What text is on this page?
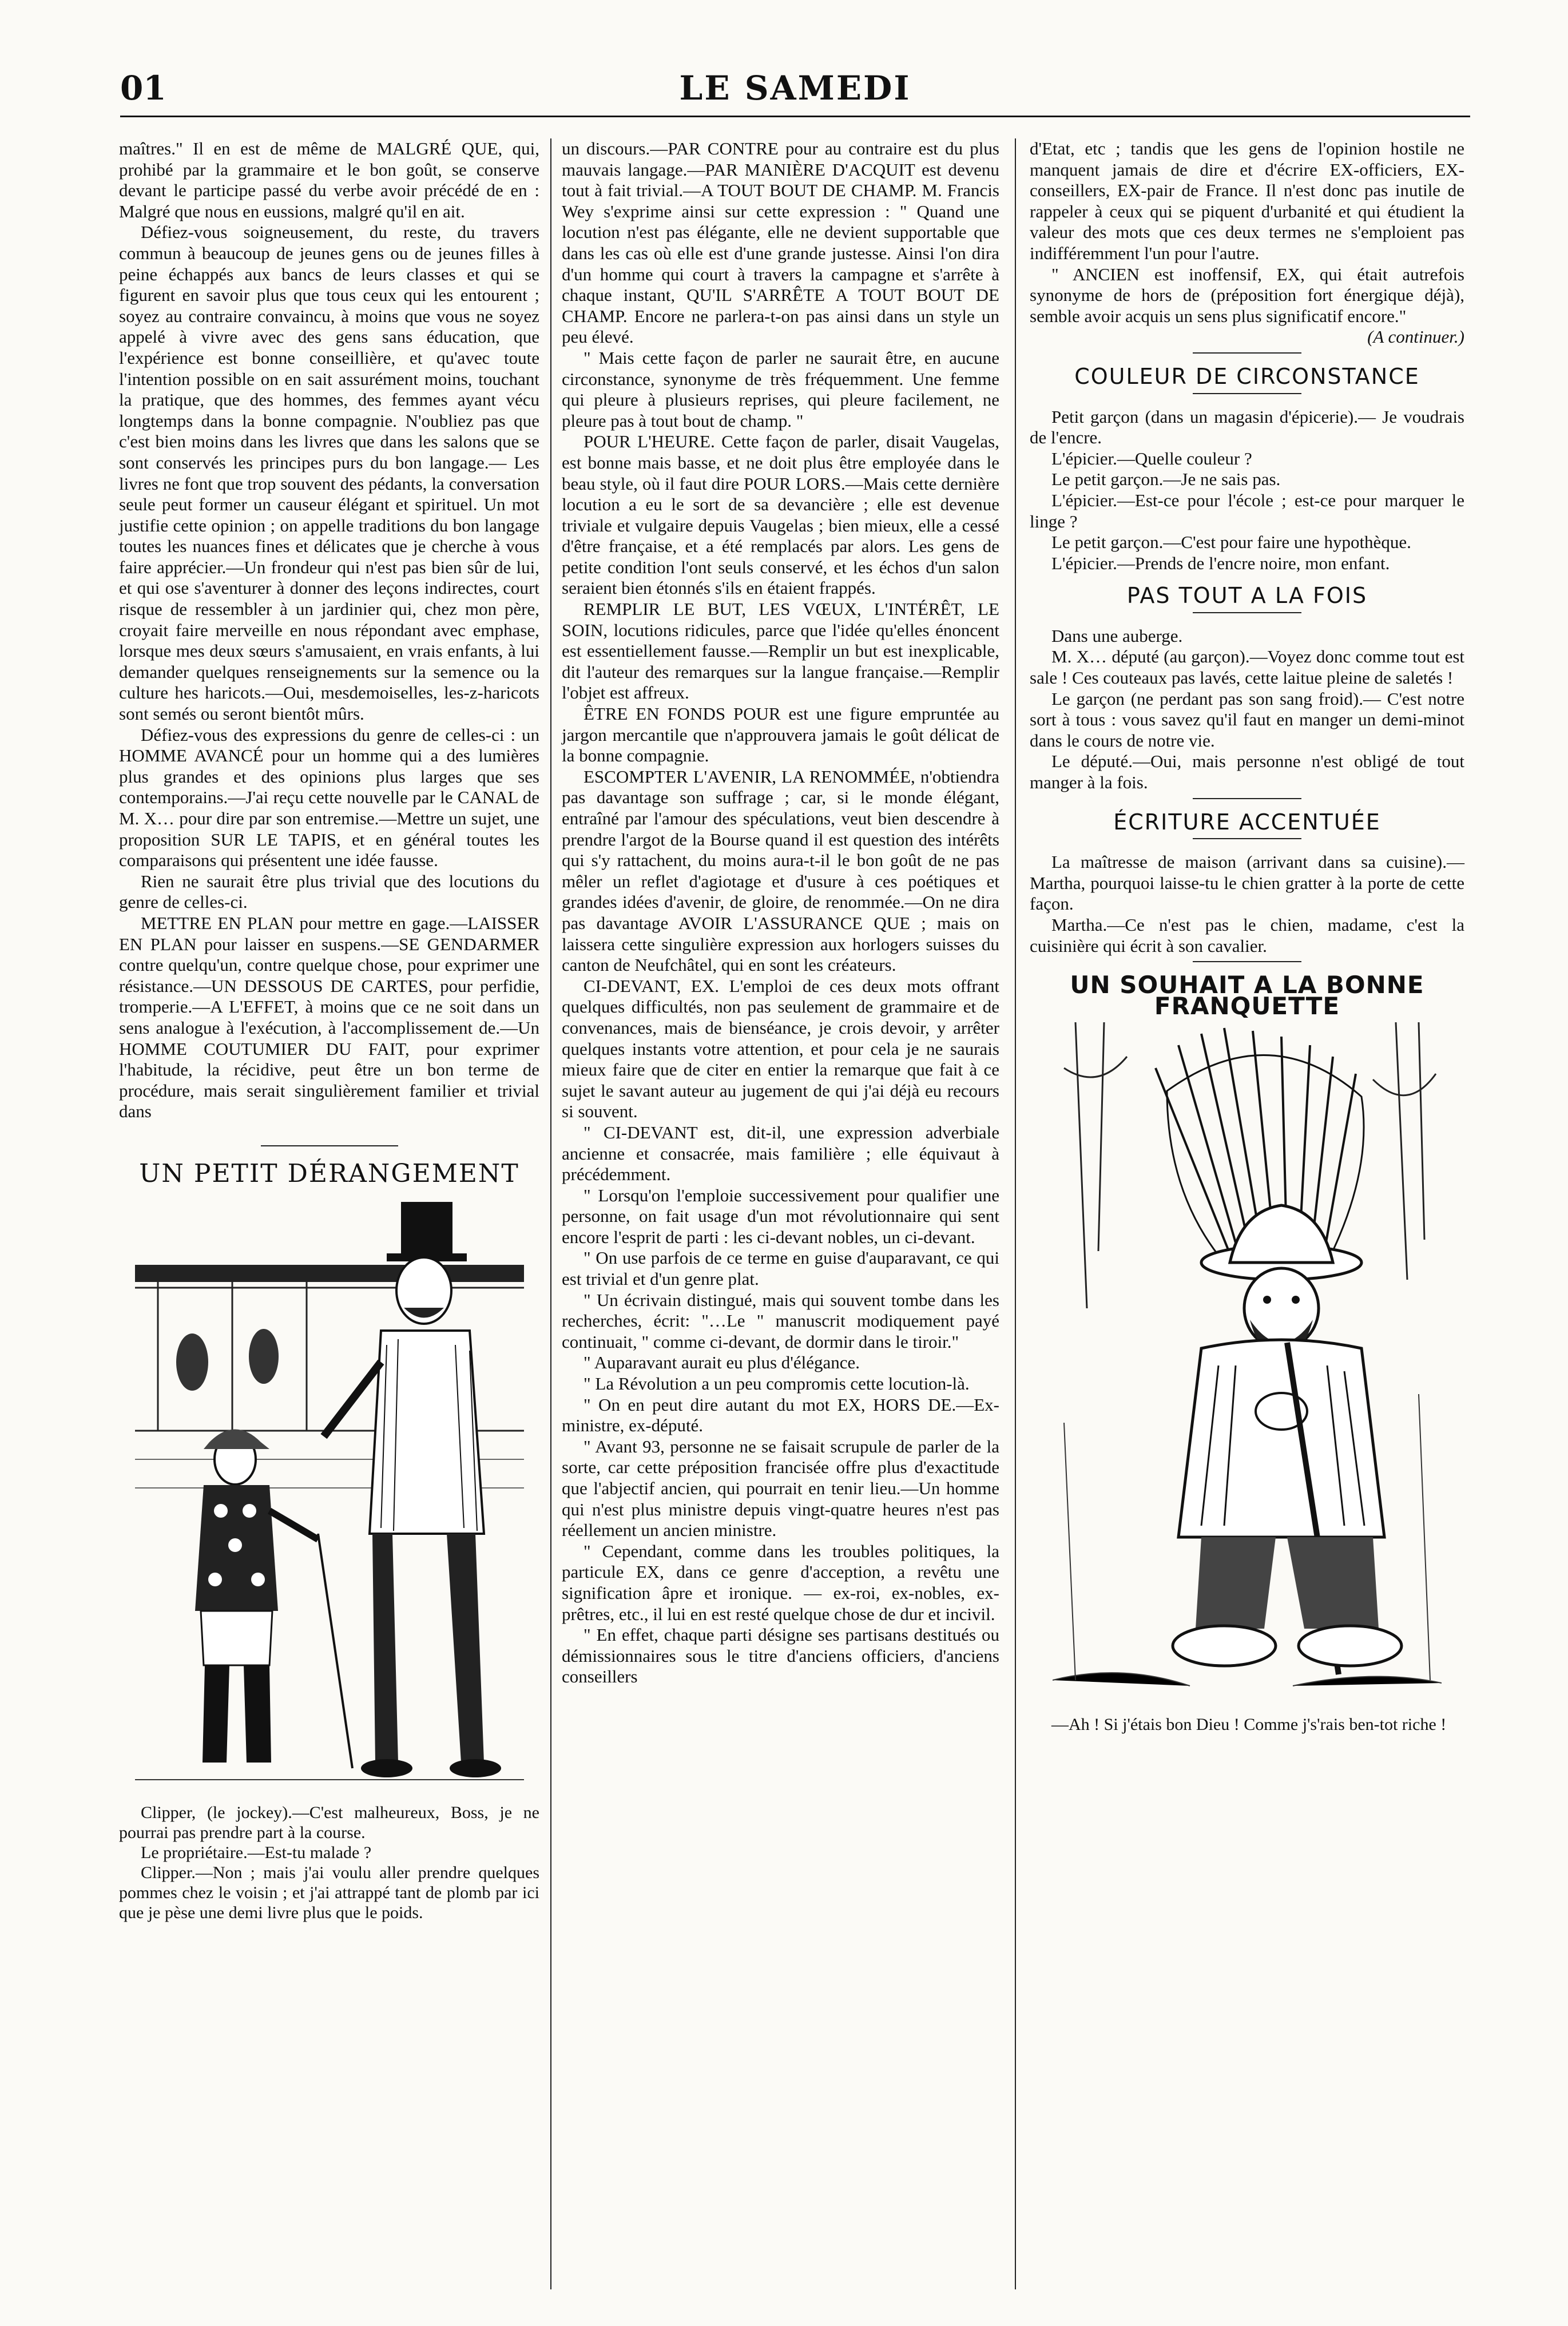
01	LE SAMEDI

maîtres." Il en est de même de MALGRÉ QUE, qui, prohibé par la grammaire et le bon goût, se conserve devant le participe passé du verbe avoir précédé de en : Malgré que nous en eussions, malgré qu'il en ait.

Défiez-vous soigneusement, du reste, du travers commun à beaucoup de jeunes gens ou de jeunes filles à peine échappés aux bancs de leurs classes et qui se figurent en savoir plus que tous ceux qui les entourent ; soyez au contraire convaincu, à moins que vous ne soyez appelé à vivre avec des gens sans éducation, que l'expérience est bonne conseillière, et qu'avec toute l'intention possible on en sait assurément moins, touchant la pratique, que des hommes, des femmes ayant vécu longtemps dans la bonne compagnie. N'oubliez pas que c'est bien moins dans les livres que dans les salons que se sont conservés les principes purs du bon langage.— Les livres ne font que trop souvent des pédants, la conversation seule peut former un causeur élégant et spirituel. Un mot justifie cette opinion ; on appelle traditions du bon langage toutes les nuances fines et délicates que je cherche à vous faire apprécier.—Un frondeur qui n'est pas bien sûr de lui, et qui ose s'aventurer à donner des leçons indirectes, court risque de ressembler à un jardinier qui, chez mon père, croyait faire merveille en nous répondant avec emphase, lorsque mes deux sœurs s'amusaient, en vrais enfants, à lui demander quelques renseignements sur la semence ou la culture hes haricots.—Oui, mesdemoiselles, les-z-haricots sont semés ou seront bientôt mûrs.

Défiez-vous des expressions du genre de celles-ci : un HOMME AVANCÉ pour un homme qui a des lumières plus grandes et des opinions plus larges que ses contemporains.—J'ai reçu cette nouvelle par le CANAL de M. X… pour dire par son entremise.—Mettre un sujet, une proposition SUR LE TAPIS, et en général toutes les comparaisons qui présentent une idée fausse.

Rien ne saurait être plus trivial que des locutions du genre de celles-ci.

METTRE EN PLAN pour mettre en gage.—LAISSER EN PLAN pour laisser en suspens.—SE GENDARMER contre quelqu'un, contre quelque chose, pour exprimer une résistance.—UN DESSOUS DE CARTES, pour perfidie, tromperie.—A L'EFFET, à moins que ce ne soit dans un sens analogue à l'exécution, à l'accomplissement de.—Un HOMME COUTUMIER DU FAIT, pour exprimer l'habitude, la récidive, peut être un bon terme de procédure, mais serait singulièrement familier et trivial dans

UN PETIT DÉRANGEMENT

Clipper, (le jockey).—C'est malheureux, Boss, je ne pourrai pas prendre part à la course.

Le propriétaire.—Est-tu malade ?

Clipper.—Non ; mais j'ai voulu aller prendre quelques pommes chez le voisin ; et j'ai attrappé tant de plomb par ici que je pèse une demi livre plus que le poids.

un discours.—PAR CONTRE pour au contraire est du plus mauvais langage.—PAR MANIÈRE D'ACQUIT est devenu tout à fait trivial.—A TOUT BOUT DE CHAMP. M. Francis Wey s'exprime ainsi sur cette expression : " Quand une locution n'est pas élégante, elle ne devient supportable que dans les cas où elle est d'une grande justesse. Ainsi l'on dira d'un homme qui court à travers la campagne et s'arrête à chaque instant, QU'IL S'ARRÊTE A TOUT BOUT DE CHAMP. Encore ne parlera-t-on pas ainsi dans un style un peu élevé.

" Mais cette façon de parler ne saurait être, en aucune circonstance, synonyme de très fréquemment. Une femme qui pleure à plusieurs reprises, qui pleure facilement, ne pleure pas à tout bout de champ. "

POUR L'HEURE. Cette façon de parler, disait Vaugelas, est bonne mais basse, et ne doit plus être employée dans le beau style, où il faut dire POUR LORS.—Mais cette dernière locution a eu le sort de sa devancière ; elle est devenue triviale et vulgaire depuis Vaugelas ; bien mieux, elle a cessé d'être française, et a été remplacés par alors. Les gens de petite condition l'ont seuls conservé, et les échos d'un salon seraient bien étonnés s'ils en étaient frappés.

REMPLIR LE BUT, LES VŒUX, L'INTÉRÊT, LE SOIN, locutions ridicules, parce que l'idée qu'elles énoncent est essentiellement fausse.—Remplir un but est inexplicable, dit l'auteur des remarques sur la langue française.—Remplir l'objet est affreux.

ÊTRE EN FONDS POUR est une figure empruntée au jargon mercantile que n'approuvera jamais le goût délicat de la bonne compagnie.

ESCOMPTER L'AVENIR, LA RENOMMÉE, n'obtiendra pas davantage son suffrage ; car, si le monde élégant, entraîné par l'amour des spéculations, veut bien descendre à prendre l'argot de la Bourse quand il est question des intérêts qui s'y rattachent, du moins aura-t-il le bon goût de ne pas mêler un reflet d'agiotage et d'usure à ces poétiques et grandes idées d'avenir, de gloire, de renommée.—On ne dira pas davantage AVOIR L'ASSURANCE QUE ; mais on laissera cette singulière expression aux horlogers suisses du canton de Neufchâtel, qui en sont les créateurs.

CI-DEVANT, EX. L'emploi de ces deux mots offrant quelques difficultés, non pas seulement de grammaire et de convenances, mais de bienséance, je crois devoir, y arrêter quelques instants votre attention, et pour cela je ne saurais mieux faire que de citer en entier la remarque que fait à ce sujet le savant auteur au jugement de qui j'ai déjà eu recours si souvent.

" CI-DEVANT est, dit-il, une expression adverbiale ancienne et consacrée, mais familière ; elle équivaut à précédemment.

" Lorsqu'on l'emploie successivement pour qualifier une personne, on fait usage d'un mot révolutionnaire qui sent encore l'esprit de parti : les ci-devant nobles, un ci-devant.

" On use parfois de ce terme en guise d'auparavant, ce qui est trivial et d'un genre plat.

" Un écrivain distingué, mais qui souvent tombe dans les recherches, écrit: "…Le " manuscrit modiquement payé continuait, " comme ci-devant, de dormir dans le tiroir."

" Auparavant aurait eu plus d'élégance.

" La Révolution a un peu compromis cette locution-là.

" On en peut dire autant du mot EX, HORS DE.—Ex-ministre, ex-député.

" Avant 93, personne ne se faisait scrupule de parler de la sorte, car cette préposition francisée offre plus d'exactitude que l'abjectif ancien, qui pourrait en tenir lieu.—Un homme qui n'est plus ministre depuis vingt-quatre heures n'est pas réellement un ancien ministre.

" Cependant, comme dans les troubles politiques, la particule EX, dans ce genre d'acception, a revêtu une signification âpre et ironique. — ex-roi, ex-nobles, ex-prêtres, etc., il lui en est resté quelque chose de dur et incivil.

" En effet, chaque parti désigne ses partisans destitués ou démissionnaires sous le titre d'anciens officiers, d'anciens conseillers

d'Etat, etc ; tandis que les gens de l'opinion hostile ne manquent jamais de dire et d'écrire EX-officiers, EX-conseillers, EX-pair de France. Il n'est donc pas inutile de rappeler à ceux qui se piquent d'urbanité et qui étudient la valeur des mots que ces deux termes ne s'emploient pas indifféremment l'un pour l'autre.

" ANCIEN est inoffensif, EX, qui était autrefois synonyme de hors de (préposition fort énergique déjà), semble avoir acquis un sens plus significatif encore."

(A continuer.)

COULEUR DE CIRCONSTANCE

Petit garçon (dans un magasin d'épicerie).— Je voudrais de l'encre.

L'épicier.—Quelle couleur ?

Le petit garçon.—Je ne sais pas.

L'épicier.—Est-ce pour l'école ; est-ce pour marquer le linge ?

Le petit garçon.—C'est pour faire une hypothèque.

L'épicier.—Prends de l'encre noire, mon enfant.

PAS TOUT A LA FOIS

Dans une auberge.

M. X… député (au garçon).—Voyez donc comme tout est sale ! Ces couteaux pas lavés, cette laitue pleine de saletés !

Le garçon (ne perdant pas son sang froid).— C'est notre sort à tous : vous savez qu'il faut en manger un demi-minot dans le cours de notre vie.

Le député.—Oui, mais personne n'est obligé de tout manger à la fois.

ÉCRITURE ACCENTUÉE

La maîtresse de maison (arrivant dans sa cuisine).—Martha, pourquoi laisse-tu le chien gratter à la porte de cette façon.

Martha.—Ce n'est pas le chien, madame, c'est la cuisinière qui écrit à son cavalier.

UN SOUHAIT A LA BONNE FRANQUETTE

—Ah ! Si j'étais bon Dieu ! Comme j's'rais ben-tot riche !
